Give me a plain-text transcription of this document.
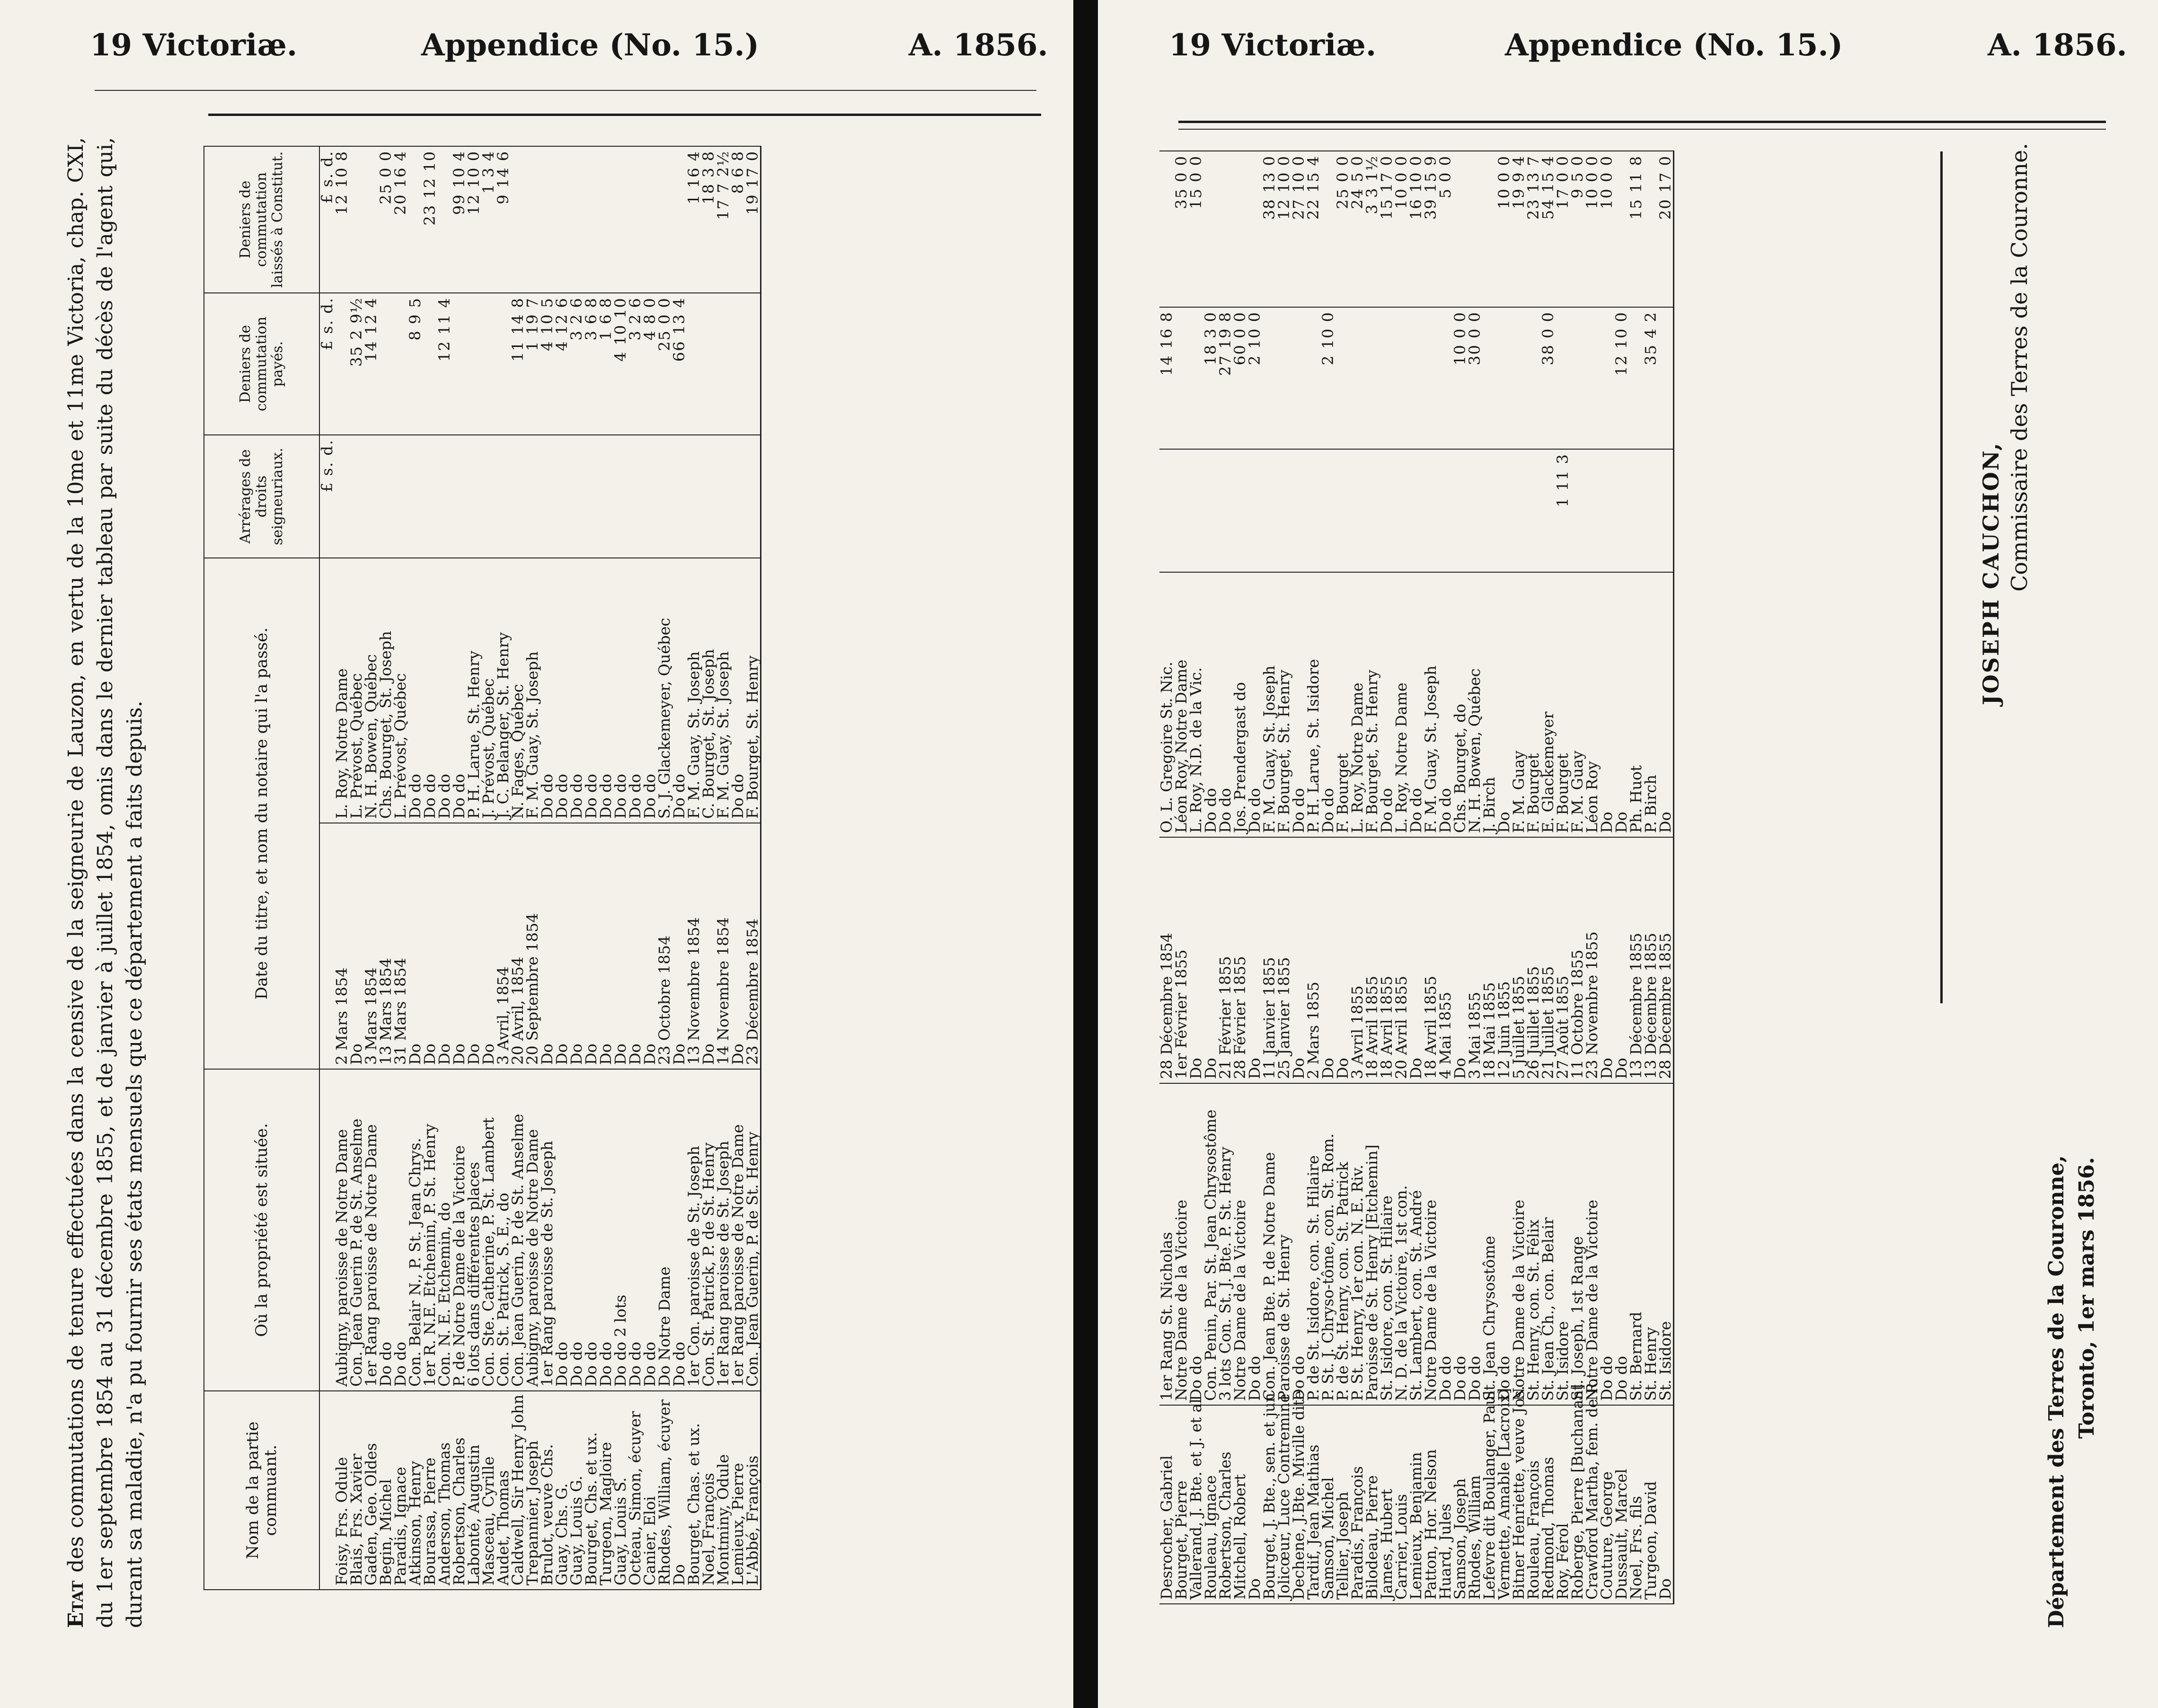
19 Victoriæ.	Appendice (No. 15.)	A. 1856.
Etat des commutations de tenure effectuées dans la censive de la seigneurie de Lauzon, en vertu de la 10me et 11me Victoria, chap. CXI, du 1er septembre 1854 au 31 décembre 1855, et de janvier à juillet 1854, omis dans le dernier tableau par suite du décès de l'agent qui, durant sa maladie, n'a pu fournir ses états mensuels que ce département a faits depuis.	Nom de la partie commuant.	Où la propriété est située.	Date du titre, et nom du notaire qui l'a passé.		Arrérages de droits seigneuriaux.	Deniers de commutation payés.	Deniers de commutation laissés à Constitut.
				£ s. d.	£ s. d.	£ s. d.
Foisy, Frs. Odule	Aubigny, paroisse de Notre Dame	2 Mars 1854	L. Roy, Notre Dame			12 10 8
Blais, Frs. Xavier	Con. Jean Guerin P. de St. Anselme	Do	L. Prévost, Québec		35 2 9½	
Gaden, Geo. Oldes	1er Rang paroisse de Notre Dame	3 Mars 1854	N. H. Bowen, Québec		14 12 4	
Begin, Michel	Do do	13 Mars 1854	Chs. Bourget, St. Joseph			25 0 0
Paradis, Ignace	Do do	31 Mars 1854	L. Prévost, Québec			20 16 4
Atkinson, Henry	Con. Belair N., P. St. Jean Chrys.	Do	Do do		8 9 5	
Bourassa, Pierre	1er R. N.E. Etchemin, P. St. Henry	Do	Do do			23 12 10
Anderson, Thomas	Con. N. E. Etchemin, do	Do	Do do		12 11 4	
Robertson, Charles	P. de Notre Dame de la Victoire	Do	Do do			99 10 4
Labonté, Augustin	6 lots dans différentes places	Do	P. H. Larue, St. Henry			12 10 0
Masceau, Cyrille	Con. Ste. Catherine, P. St. Lambert	Do	J. Prévost, Québec			1 3 4
Audet, Thomas	Con. St. Patrick, S. E., do	3 Avril, 1854	J. C. Belanger, St. Henry			9 14 6
Caldwell, Sir Henry John	Con. Jean Guerin, P. de St. Anselme	20 Avril, 1854	N. Fages, Québec		11 14 8	
Trepannier, Joseph	Aubigny, paroisse de Notre Dame	20 Septembre 1854	F. M. Guay, St. Joseph		1 19 7	
Brulot, veuve Chs.	1er Rang paroisse de St. Joseph	Do	Do do		4 10 5	
Guay, Chs. G.	Do do	Do	Do do		4 12 6	
Guay, Louis G.	Do do	Do	Do do		3 2 6	
Bourget, Chs. et ux.	Do do	Do	Do do		3 6 8	
Turgeon, Magloire	Do do	Do	Do do		1 6 8	
Guay, Louis S.	Do do 2 lots	Do	Do do		4 10 10	
Octeau, Simon, écuyer	Do do	Do	Do do		3 2 6	
Canier, Eloi	Do do	Do	Do do		4 8 0	
Rhodes, William, écuyer	Do Notre Dame	23 Octobre 1854	S. J. Glackemeyer, Québec		25 0 0	
Do	Do do	Do	Do do		66 13 4	
Bourget, Chas. et ux.	1er Con. paroisse de St. Joseph	13 Novembre 1854	F. M. Guay, St. Joseph			1 16 4
Noel, François	Con. St. Patrick, P. de St. Henry	Do	C. Bourget, St. Joseph			18 3 8
Montminy, Odule	1er Rang paroisse de St. Joseph	14 Novembre 1854	F. M. Guay, St. Joseph			17 7 2½
Lemieux, Pierre	1er Rang paroisse de Notre Dame	Do	Do do			8 6 8
L'Abbé, François	Con. Jean Guerin, P. de St. Henry	23 Décembre 1854	F. Bourget, St. Henry			19 17 0
19 Victoriæ.	Appendice (No. 15.)	A. 1856.
Desrocher, Gabriel	1er Rang St. Nicholas	28 Décembre 1854	O. L. Gregoire St. Nic.		14 16 8	
Bourget, Pierre	Notre Dame de la Victoire	1er Février 1855	Léon Roy, Notre Dame			35 0 0
Vallerand, J. Bte. et J. et al	Do do	Do	L. Roy, N.D. de la Vic.			15 0 0
Rouleau, Ignace	Con. Penin, Par. St. Jean Chrysostôme	Do	Do do		18 3 0	
Robertson, Charles	3 lots Con. St. J. Bte. P. St. Henry	21 Février 1855	Do do		27 19 8	
Mitchell, Robert	Notre Dame de la Victoire	28 Février 1855	Jos. Prendergast do		60 0 0	
Do	Do do	Do	Do do		2 10 0	
Bourget, J. Bte., sen. et jun	Con. Jean Bte. P. de Notre Dame	11 Janvier 1855	F. M. Guay, St. Joseph			38 13 0
Jolicœur, Luce Contremine	Paroisse de St. Henry	25 Janvier 1855	F. Bourget, St. Henry			12 10 0
Dechene, J.Bte. Miville dite	Do do	Do	Do do			27 10 0
Tardif, Jean Mathias	P. de St. Isidore, con. St. Hilaire	2 Mars 1855	P. H. Larue, St. Isidore			22 15 4
Samson, Michel	P. St. J. Chryso-tôme, con. St. Rom.	Do	Do do		2 10 0	
Tellier, Joseph	P. de St. Henry, con. St. Patrick	Do	F. Bourget			25 0 0
Paradis, François	P. St. Henry, 1er con. N. E. Riv.	3 Avril 1855	L. Roy, Notre Dame			24 5 0
Bilodeau, Pierre	Paroisse de St. Henry [Etchemin]	18 Avril 1855	F. Bourget, St. Henry			3 3 1½
James, Hubert	St. Isidore, con. St. Hilaire	18 Avril 1855	Do do			15 17 0
Carrier, Louis	N. D. de la Victoire, 1st con.	20 Avril 1855	L. Roy, Notre Dame			10 0 0
Lemieux, Benjamin	St. Lambert, con. St. André	Do	Do do			16 10 0
Patton, Hor. Nelson	Notre Dame de la Victoire	18 Avril 1855	F. M. Guay, St. Joseph			39 15 9
Huard, Jules	Do do	4 Mai 1855	Do do			5 0 0
Samson, Joseph	Do do	Do	Chs. Bourget, do		10 0 0	
Rhodes, William	Do do	3 Mai 1855	N. H. Bowen, Québec		30 0 0	
Lefevre dit Boulanger, Paul	St. Jean Chrysostôme	18 Mai 1855	J. Birch			
Vermette, Amable [Lacroix]	Do do	12 Juin 1855	Do			10 0 0
Bitner Henriette, veuve Jos.	Notre Dame de la Victoire	5 Juillet 1855	F. M. Guay			19 9 4
Rouleau, François	St. Henry, con. St. Félix	26 Juillet 1855	F. Bourget			23 13 7
Redmond, Thomas	St. Jean Ch., con. Belair	21 Juillet 1855	E. Glackemeyer		38 0 0	54 15 4
Roy, Férol	St. Isidore	27 Août 1855	F. Bourget	1 11 3		17 0 0
Roberge, Pierre [Buchanan]	St. Joseph, 1st Range	11 Octobre 1855	F. M. Guay			9 5 0
Crawford Martha, fem. de R.	Notre Dame de la Victoire	23 Novembre 1855	Léon Roy			10 0 0
Couture, George	Do do	Do	Do			10 0 0
Dussault, Marcel	Do do	Do	Do		12 10 0	
Noel, Frs. fils	St. Bernard	13 Décembre 1855	Ph. Huot			15 11 8
Turgeon, David	St. Henry	13 Décembre 1855	P. Birch		35 4 2	
Do	St. Isidore	28 Décembre 1855	Do			20 17 0
JOSEPH CAUCHON, Commissaire des Terres de la Couronne.
Département des Terres de la Couronne, Toronto, 1er mars 1856.
